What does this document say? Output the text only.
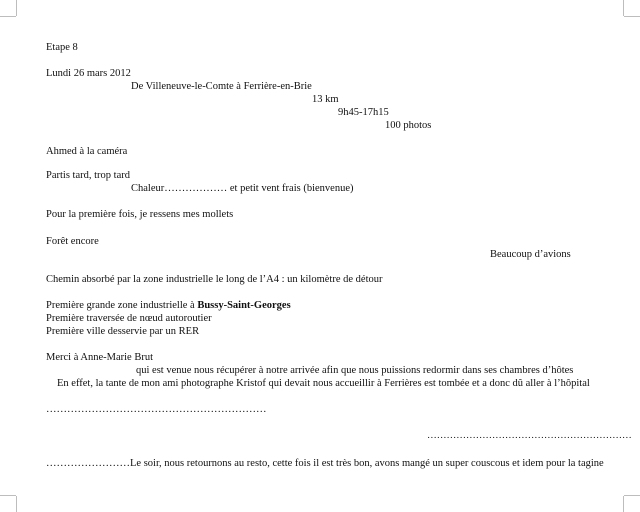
Etape 8
Lundi 26 mars 2012
De Villeneuve-le-Comte à Ferrière-en-Brie
13 km
9h45-17h15
100 photos
Ahmed à la caméra
Partis tard, trop tard
Chaleur……………… et petit vent frais (bienvenue)
Pour la première fois, je ressens mes mollets
Forêt encore
Beaucoup d’avions
Chemin absorbé par la zone industrielle le long de l’A4 : un kilomètre de détour
Première grande zone industrielle à Bussy-Saint-Georges
Première traversée de nœud autoroutier
Première ville desservie par un RER
Merci à Anne-Marie Brut
qui est venue nous récupérer à notre arrivée afin que nous puissions redormir dans ses chambres d’hôtes
En effet, la tante de mon ami photographe Kristof qui devait nous accueillir à Ferrières est tombée et a donc dû aller à l’hôpital
………………………………………………………
………………………………………………………
……………………Le soir, nous retournons au resto, cette fois il est très bon, avons mangé un super couscous et idem pour la tagine
